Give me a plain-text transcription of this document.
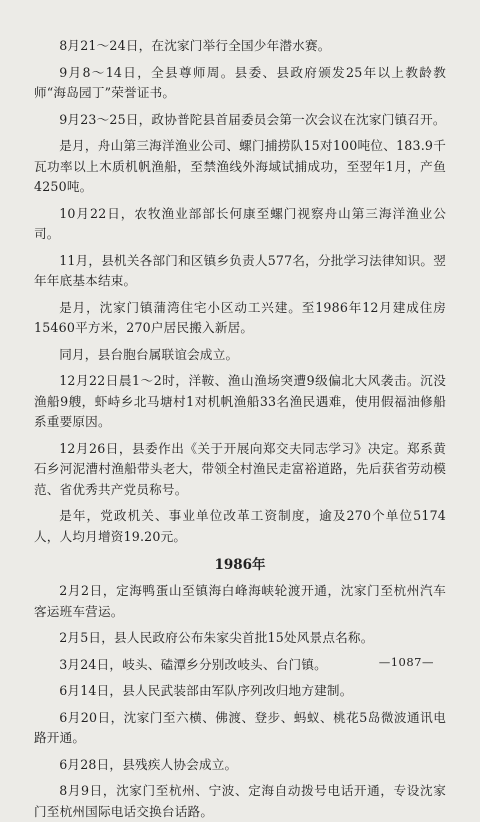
8月21～24日，在沈家门举行全国少年潜水赛。

9月8～14日，全县尊师周。县委、县政府颁发25年以上教龄教师“海岛园丁”荣誉证书。

9月23～25日，政协普陀县首届委员会第一次会议在沈家门镇召开。

是月，舟山第三海洋渔业公司、螺门捕捞队15对100吨位、183.9千瓦功率以上木质机帆渔船，至禁渔线外海域试捕成功，至翌年1月，产鱼4250吨。

10月22日，农牧渔业部部长何康至螺门视察舟山第三海洋渔业公司。

11月，县机关各部门和区镇乡负责人577名，分批学习法律知识。翌年年底基本结束。

是月，沈家门镇蒲湾住宅小区动工兴建。至1986年12月建成住房15460平方米，270户居民搬入新居。

同月，县台胞台属联谊会成立。

12月22日晨1～2时，洋鞍、渔山渔场突遭9级偏北大风袭击。沉没渔船9艘，虾峙乡北马塘村1对机帆渔船33名渔民遇难，使用假福油修船系重要原因。

12月26日，县委作出《关于开展向郑交夫同志学习》决定。郑系黄石乡河泥漕村渔船带头老大，带领全村渔民走富裕道路，先后获省劳动模范、省优秀共产党员称号。

是年，党政机关、事业单位改革工资制度，逾及270个单位5174人，人均月增资19.20元。

1986年

2月2日，定海鸭蛋山至镇海白峰海峡轮渡开通，沈家门至杭州汽车客运班车营运。

2月5日，县人民政府公布朱家尖首批15处风景点名称。

3月24日，岐头、磕潭乡分别改岐头、台门镇。

6月14日，县人民武装部由军队序列改归地方建制。

6月20日，沈家门至六横、佛渡、登步、蚂蚁、桃花5岛微波通讯电路开通。

6月28日，县残疾人协会成立。

8月9日，沈家门至杭州、宁波、定海自动拨号电话开通，专设沈家门至杭州国际电话交换台话路。

—1087—
